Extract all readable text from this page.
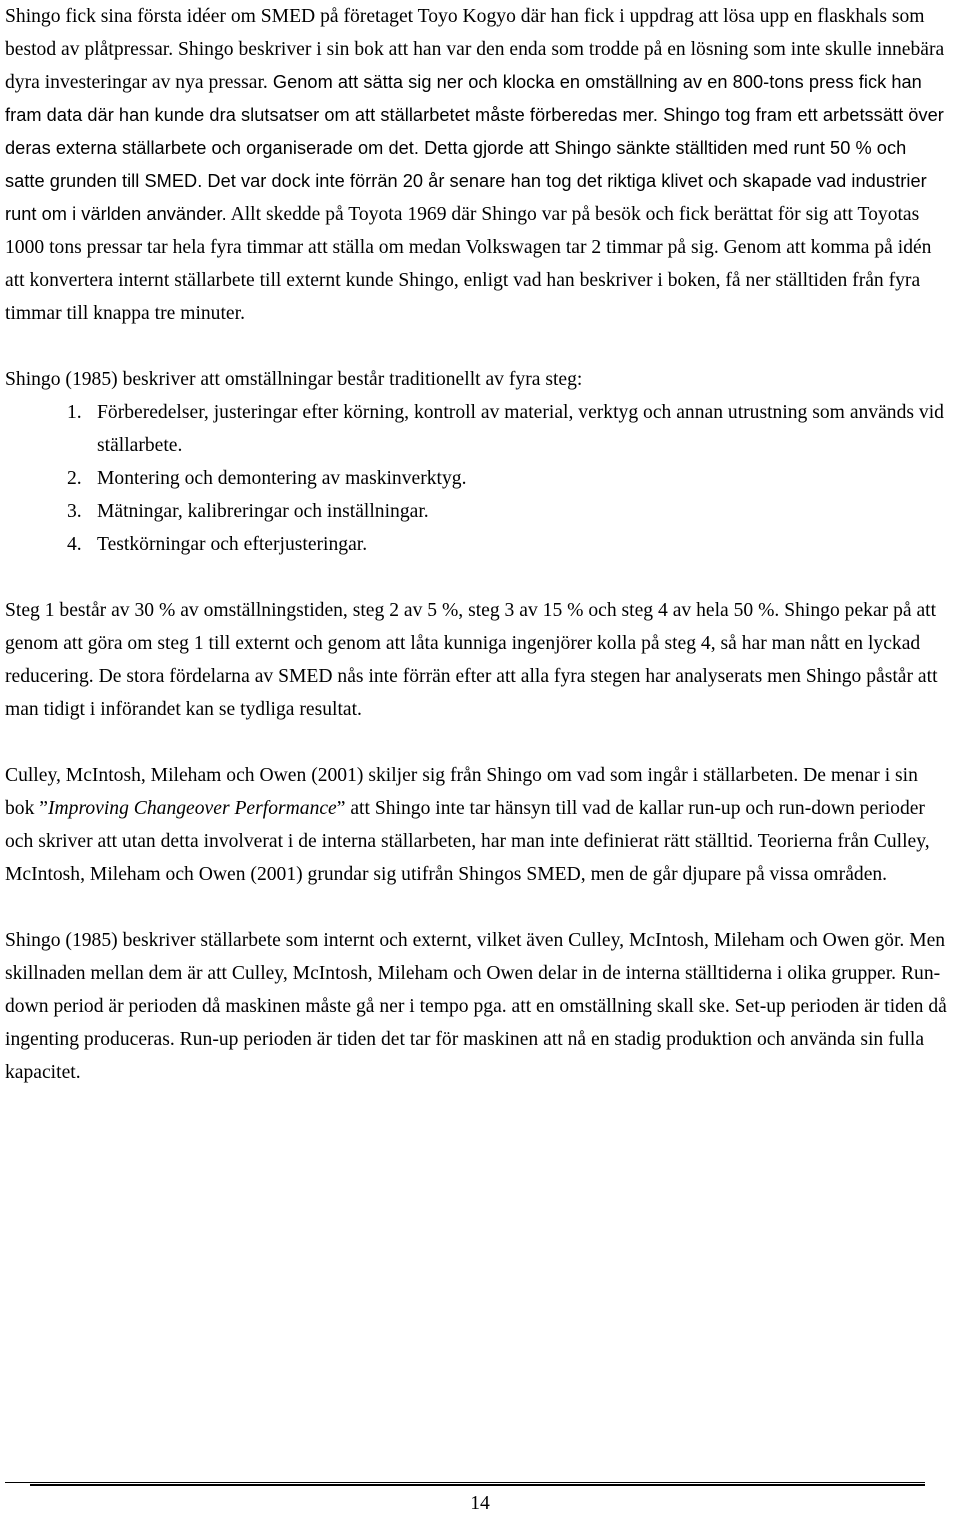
Shingo fick sina första idéer om SMED på företaget Toyo Kogyo där han fick i uppdrag att lösa upp en flaskhals som bestod av plåtpressar. Shingo beskriver i sin bok att han var den enda som trodde på en lösning som inte skulle innebära dyra investeringar av nya pressar. Genom att sätta sig ner och klocka en omställning av en 800-tons press fick han fram data där han kunde dra slutsatser om att ställarbetet måste förberedas mer. Shingo tog fram ett arbetssätt över deras externa ställarbete och organiserade om det. Detta gjorde att Shingo sänkte ställtiden med runt 50 % och satte grunden till SMED. Det var dock inte förrän 20 år senare han tog det riktiga klivet och skapade vad industrier runt om i världen använder. Allt skedde på Toyota 1969 där Shingo var på besök och fick berättat för sig att Toyotas 1000 tons pressar tar hela fyra timmar att ställa om medan Volkswagen tar 2 timmar på sig. Genom att komma på idén att konvertera internt ställarbete till externt kunde Shingo, enligt vad han beskriver i boken, få ner ställtiden från fyra timmar till knappa tre minuter.

Shingo (1985) beskriver att omställningar består traditionellt av fyra steg:

1. Förberedelser, justeringar efter körning, kontroll av material, verktyg och annan utrustning som används vid ställarbete.
2. Montering och demontering av maskinverktyg.
3. Mätningar, kalibreringar och inställningar.
4. Testkörningar och efterjusteringar.

Steg 1 består av 30 % av omställningstiden, steg 2 av 5 %, steg 3 av 15 % och steg 4 av hela 50 %. Shingo pekar på att genom att göra om steg 1 till externt och genom att låta kunniga ingenjörer kolla på steg 4, så har man nått en lyckad reducering. De stora fördelarna av SMED nås inte förrän efter att alla fyra stegen har analyserats men Shingo påstår att man tidigt i införandet kan se tydliga resultat.

Culley, McIntosh, Mileham och Owen (2001) skiljer sig från Shingo om vad som ingår i ställarbeten. De menar i sin bok ”Improving Changeover Performance” att Shingo inte tar hänsyn till vad de kallar run-up och run-down perioder och skriver att utan detta involverat i de interna ställarbeten, har man inte definierat rätt ställtid. Teorierna från Culley, McIntosh, Mileham och Owen (2001) grundar sig utifrån Shingos SMED, men de går djupare på vissa områden.

Shingo (1985) beskriver ställarbete som internt och externt, vilket även Culley, McIntosh, Mileham och Owen gör. Men skillnaden mellan dem är att Culley, McIntosh, Mileham och Owen delar in de interna ställtiderna i olika grupper. Run-down period är perioden då maskinen måste gå ner i tempo pga. att en omställning skall ske. Set-up perioden är tiden då ingenting produceras. Run-up perioden är tiden det tar för maskinen att nå en stadig produktion och använda sin fulla kapacitet.

14
